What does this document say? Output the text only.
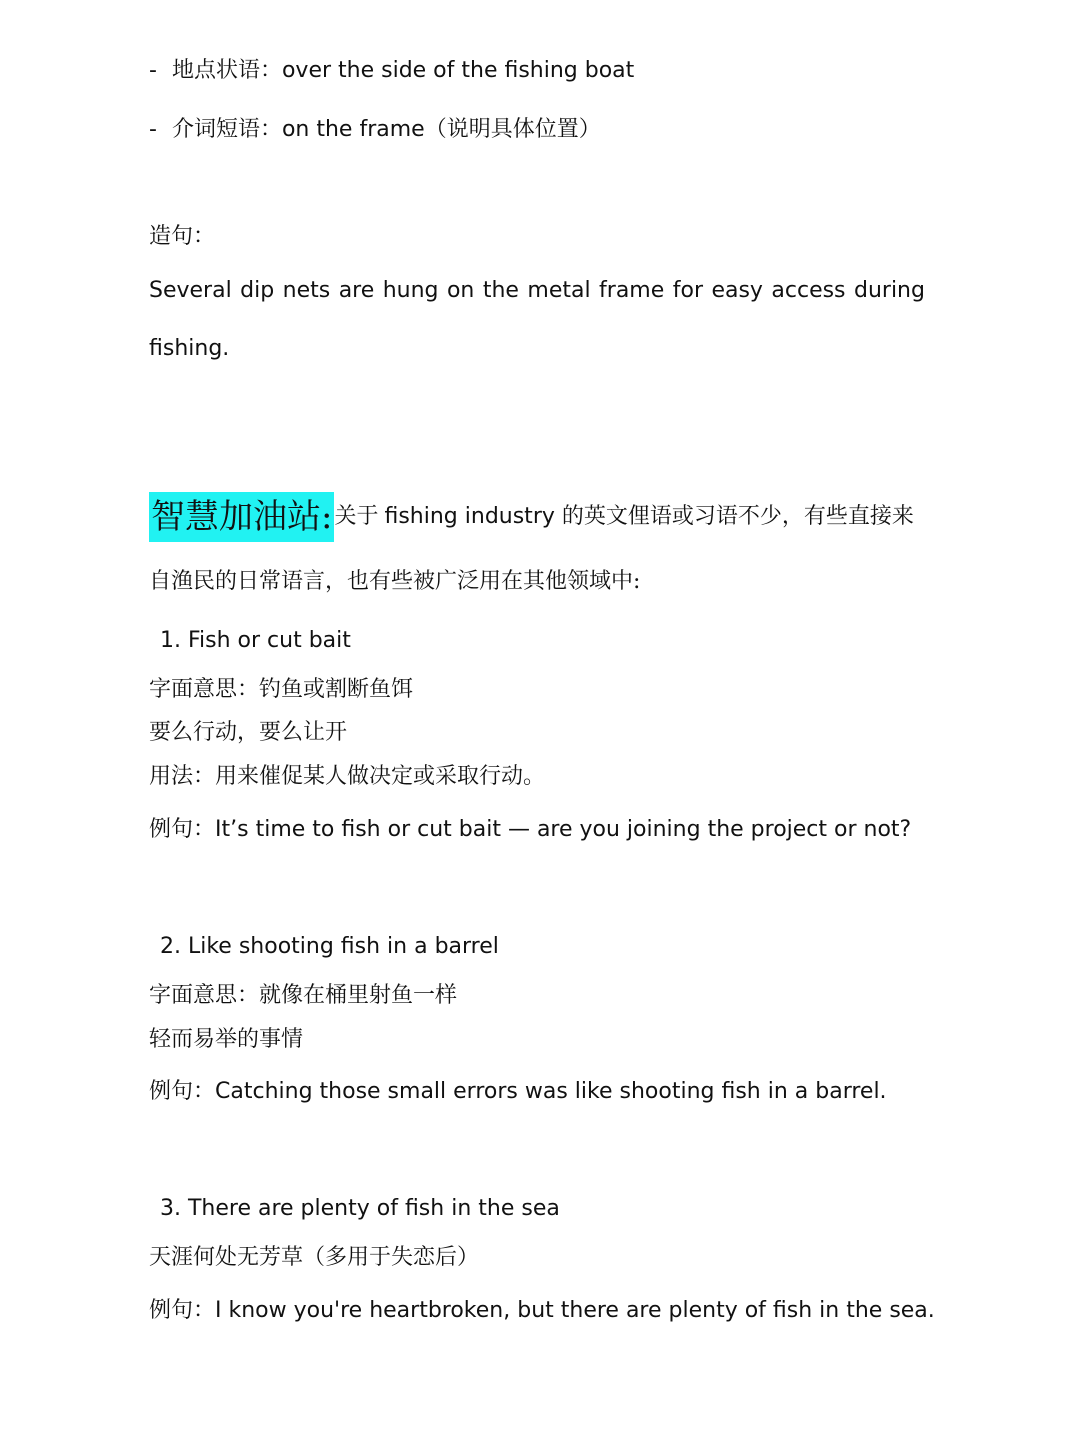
- 地点状语：over the side of the fishing boat
- 介词短语：on the frame（说明具体位置）
造句：
Several dip nets are hung on the metal frame for easy access during
fishing.
智慧加油站:关于 fishing industry 的英文俚语或习语不少，有些直接来
自渔民的日常语言，也有些被广泛用在其他领域中:
1. Fish or cut bait
字面意思：钓鱼或割断鱼饵
要么行动，要么让开
用法：用来催促某人做决定或采取行动。
例句：It’s time to fish or cut bait — are you joining the project or not?
2. Like shooting fish in a barrel
字面意思：就像在桶里射鱼一样
轻而易举的事情
例句：Catching those small errors was like shooting fish in a barrel.
3. There are plenty of fish in the sea
天涯何处无芳草（多用于失恋后）
例句：I know you're heartbroken, but there are plenty of fish in the sea.
